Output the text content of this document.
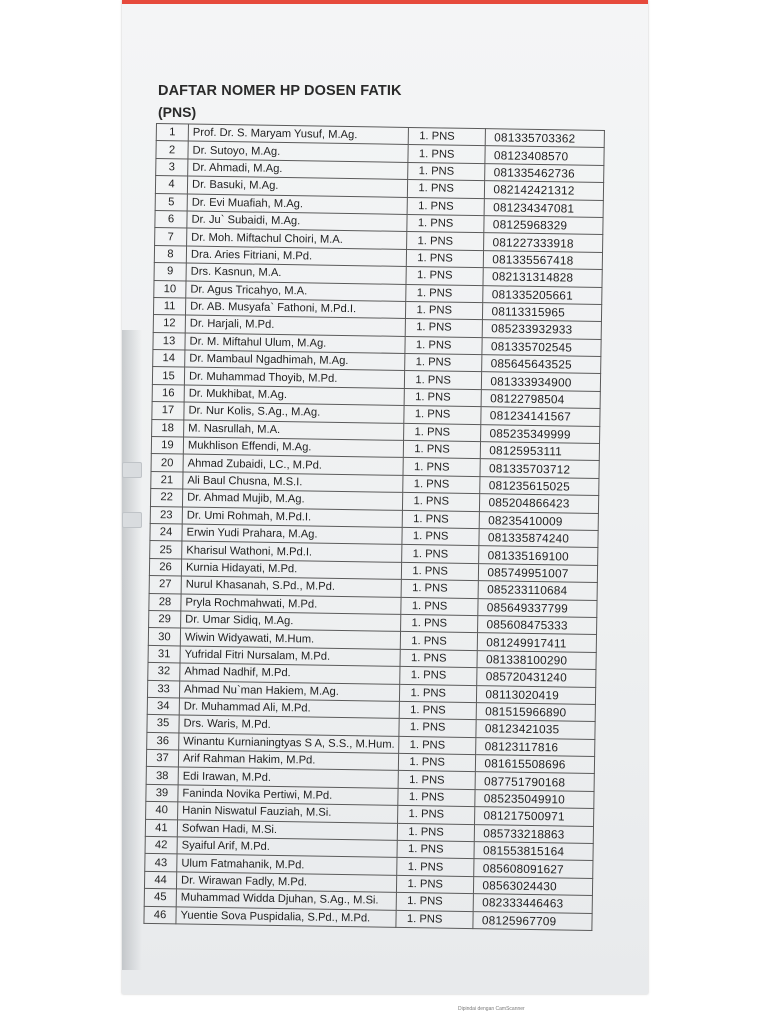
DAFTAR NOMER HP DOSEN FATIK
(PNS)
1	Prof. Dr. S. Maryam Yusuf, M.Ag.	1. PNS	081335703362
2	Dr. Sutoyo, M.Ag.	1. PNS	08123408570
3	Dr. Ahmadi, M.Ag.	1. PNS	081335462736
4	Dr. Basuki, M.Ag.	1. PNS	082142421312
5	Dr. Evi Muafiah, M.Ag.	1. PNS	081234347081
6	Dr. Ju` Subaidi, M.Ag.	1. PNS	08125968329
7	Dr. Moh. Miftachul Choiri, M.A.	1. PNS	081227333918
8	Dra. Aries Fitriani, M.Pd.	1. PNS	081335567418
9	Drs. Kasnun, M.A.	1. PNS	082131314828
10	Dr. Agus Tricahyo, M.A.	1. PNS	081335205661
11	Dr. AB. Musyafa` Fathoni, M.Pd.I.	1. PNS	08113315965
12	Dr. Harjali, M.Pd.	1. PNS	085233932933
13	Dr. M. Miftahul Ulum, M.Ag.	1. PNS	081335702545
14	Dr. Mambaul Ngadhimah, M.Ag.	1. PNS	085645643525
15	Dr. Muhammad Thoyib, M.Pd.	1. PNS	081333934900
16	Dr. Mukhibat, M.Ag.	1. PNS	08122798504
17	Dr. Nur Kolis, S.Ag., M.Ag.	1. PNS	081234141567
18	M. Nasrullah, M.A.	1. PNS	085235349999
19	Mukhlison Effendi, M.Ag.	1. PNS	08125953111
20	Ahmad Zubaidi, LC., M.Pd.	1. PNS	081335703712
21	Ali Baul Chusna, M.S.I.	1. PNS	081235615025
22	Dr. Ahmad Mujib, M.Ag.	1. PNS	085204866423
23	Dr. Umi Rohmah, M.Pd.I.	1. PNS	08235410009
24	Erwin Yudi Prahara, M.Ag.	1. PNS	081335874240
25	Kharisul Wathoni, M.Pd.I.	1. PNS	081335169100
26	Kurnia Hidayati, M.Pd.	1. PNS	085749951007
27	Nurul Khasanah, S.Pd., M.Pd.	1. PNS	085233110684
28	Pryla Rochmahwati, M.Pd.	1. PNS	085649337799
29	Dr. Umar Sidiq, M.Ag.	1. PNS	085608475333
30	Wiwin Widyawati, M.Hum.	1. PNS	081249917411
31	Yufridal Fitri Nursalam, M.Pd.	1. PNS	081338100290
32	Ahmad Nadhif, M.Pd.	1. PNS	085720431240
33	Ahmad Nu`man Hakiem, M.Ag.	1. PNS	08113020419
34	Dr. Muhammad Ali, M.Pd.	1. PNS	081515966890
35	Drs. Waris, M.Pd.	1. PNS	08123421035
36	Winantu Kurnianingtyas S A, S.S., M.Hum.	1. PNS	08123117816
37	Arif Rahman Hakim, M.Pd.	1. PNS	081615508696
38	Edi Irawan, M.Pd.	1. PNS	087751790168
39	Faninda Novika Pertiwi, M.Pd.	1. PNS	085235049910
40	Hanin Niswatul Fauziah, M.Si.	1. PNS	081217500971
41	Sofwan Hadi, M.Si.	1. PNS	085733218863
42	Syaiful Arif, M.Pd.	1. PNS	081553815164
43	Ulum Fatmahanik, M.Pd.	1. PNS	085608091627
44	Dr. Wirawan Fadly, M.Pd.	1. PNS	08563024430
45	Muhammad Widda Djuhan, S.Ag., M.Si.	1. PNS	082333446463
46	Yuentie Sova Puspidalia, S.Pd., M.Pd.	1. PNS	08125967709
Dipindai dengan CamScanner
